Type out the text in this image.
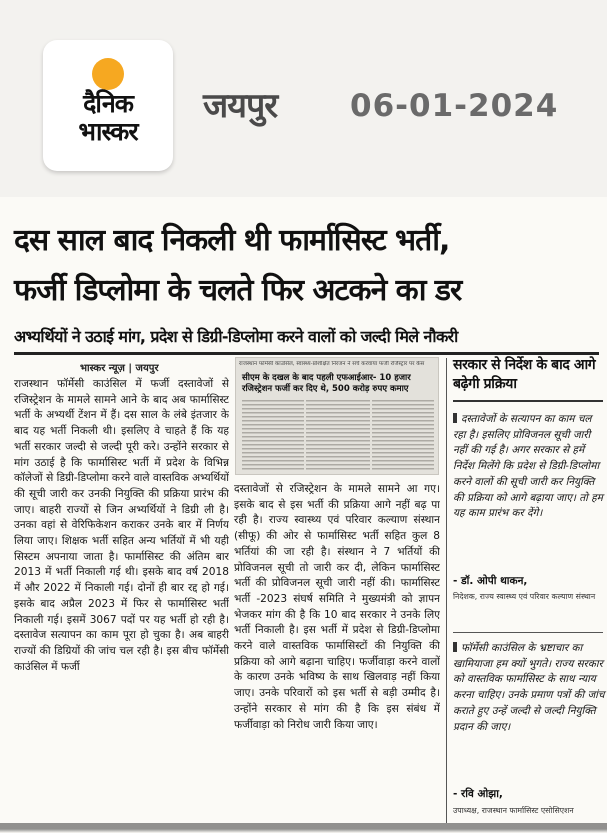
दैनिक
भास्कर
जयपुर 06-01-2024
दस साल बाद निकली थी फार्मासिस्ट भर्ती,
फर्जी डिप्लोमा के चलते फिर अटकने का डर
अभ्यर्थियों ने उठाई मांग, प्रदेश से डिग्री-डिप्लोमा करने वालों को जल्दी मिले नौकरी
भास्कर न्यूज़ | जयपुर
राजस्थान फॉर्मेसी काउंसिल में फर्जी दस्तावेजों से रजिस्ट्रेशन के मामले सामने आने के बाद अब फार्मासिस्ट भर्ती के अभ्यर्थी टेंशन में हैं। दस साल के लंबे इंतजार के बाद यह भर्ती निकली थी। इसलिए वे चाहते हैं कि यह भर्ती सरकार जल्दी से जल्दी पूरी करे। उन्होंने सरकार से मांग उठाई है कि फार्मासिस्ट भर्ती में प्रदेश के विभिन्न कॉलेजों से डिग्री-डिप्लोमा करने वाले वास्तविक अभ्यर्थियों की सूची जारी कर उनकी नियुक्ति की प्रक्रिया प्रारंभ की जाए। बाहरी राज्यों से जिन अभ्यर्थियों ने डिग्री ली है। उनका वहां से वेरिफिकेशन कराकर उनके बार में निर्णय लिया जाए। शिक्षक भर्ती सहित अन्य भर्तियों में भी यही सिस्टम अपनाया जाता है। फार्मासिस्ट की अंतिम बार 2013 में भर्ती निकाली गई थी। इसके बाद वर्ष 2018 में और 2022 में निकाली गई। दोनों ही बार रद्द हो गई। इसके बाद अप्रैल 2023 में फिर से फार्मासिस्ट भर्ती निकाली गई। इसमें 3067 पदों पर यह भर्ती हो रही है। दस्तावेज सत्यापन का काम पूरा हो चुका है। अब बाहरी राज्यों की डिग्रियों की जांच चल रही है। इस बीच फॉर्मेसी काउंसिल में फर्जी
राजस्थान फॉर्मेसी काउंसिल, स्वास्थ्य-प्रशिक्षित निरंजन ने सर्च करवाया फर्जी रजिस्ट्रार पर केस
सीएम के दखल के बाद पहली एफआईआर- 10 हजार रजिस्ट्रेशन फर्जी कर दिए थे, 500 करोड़ रुपए कमाए
दस्तावेजों से रजिस्ट्रेशन के मामले सामने आ गए। इसके बाद से इस भर्ती की प्रक्रिया आगे नहीं बढ़ पा रही है। राज्य स्वास्थ्य एवं परिवार कल्याण संस्थान (सीफू) की ओर से फार्मासिस्ट भर्ती सहित कुल 8 भर्तियां की जा रही है। संस्थान ने 7 भर्तियों की प्रोविजनल सूची तो जारी कर दी, लेकिन फार्मासिस्ट भर्ती की प्रोविजनल सूची जारी नहीं की। फार्मासिस्ट भर्ती -2023 संघर्ष समिति ने मुख्यमंत्री को ज्ञापन भेजकर मांग की है कि 10 बाद सरकार ने उनके लिए भर्ती निकाली है। इस भर्ती में प्रदेश से डिग्री-डिप्लोमा करने वाले वास्तविक फार्मासिस्टों की नियुक्ति की प्रक्रिया को आगे बढ़ाना चाहिए। फर्जीवाड़ा करने वालों के कारण उनके भविष्य के साथ खिलवाड़ नहीं किया जाए। उनके परिवारों को इस भर्ती से बड़ी उम्मीद है। उन्होंने सरकार से मांग की है कि इस संबंध में फर्जीवाड़ा को निरोध जारी किया जाए।
सरकार से निर्देश के बाद आगे बढ़ेगी प्रक्रिया
दस्तावेजों के सत्यापन का काम चल रहा है। इसलिए प्रोविजनल सूची जारी नहीं की गई है। अगर सरकार से हमें निर्देश मिलेंगे कि प्रदेश से डिग्री-डिप्लोमा करने वालों की सूची जारी कर नियुक्ति की प्रक्रिया को आगे बढ़ाया जाए। तो हम यह काम प्रारंभ कर देंगे।
- डॉ. ओपी थाकन,
निदेशक, राज्य स्वास्थ्य एवं परिवार कल्याण संस्थान
फॉर्मेसी काउंसिल के भ्रष्टाचार का खामियाजा हम क्यों भुगते। राज्य सरकार को वास्तविक फार्मासिस्ट के साथ न्याय करना चाहिए। उनके प्रमाण पत्रों की जांच कराते हुए उन्हें जल्दी से जल्दी नियुक्ति प्रदान की जाए।
- रवि ओझा,
उपाध्यक्ष, राजस्थान फार्मासिस्ट एसोसिएशन
